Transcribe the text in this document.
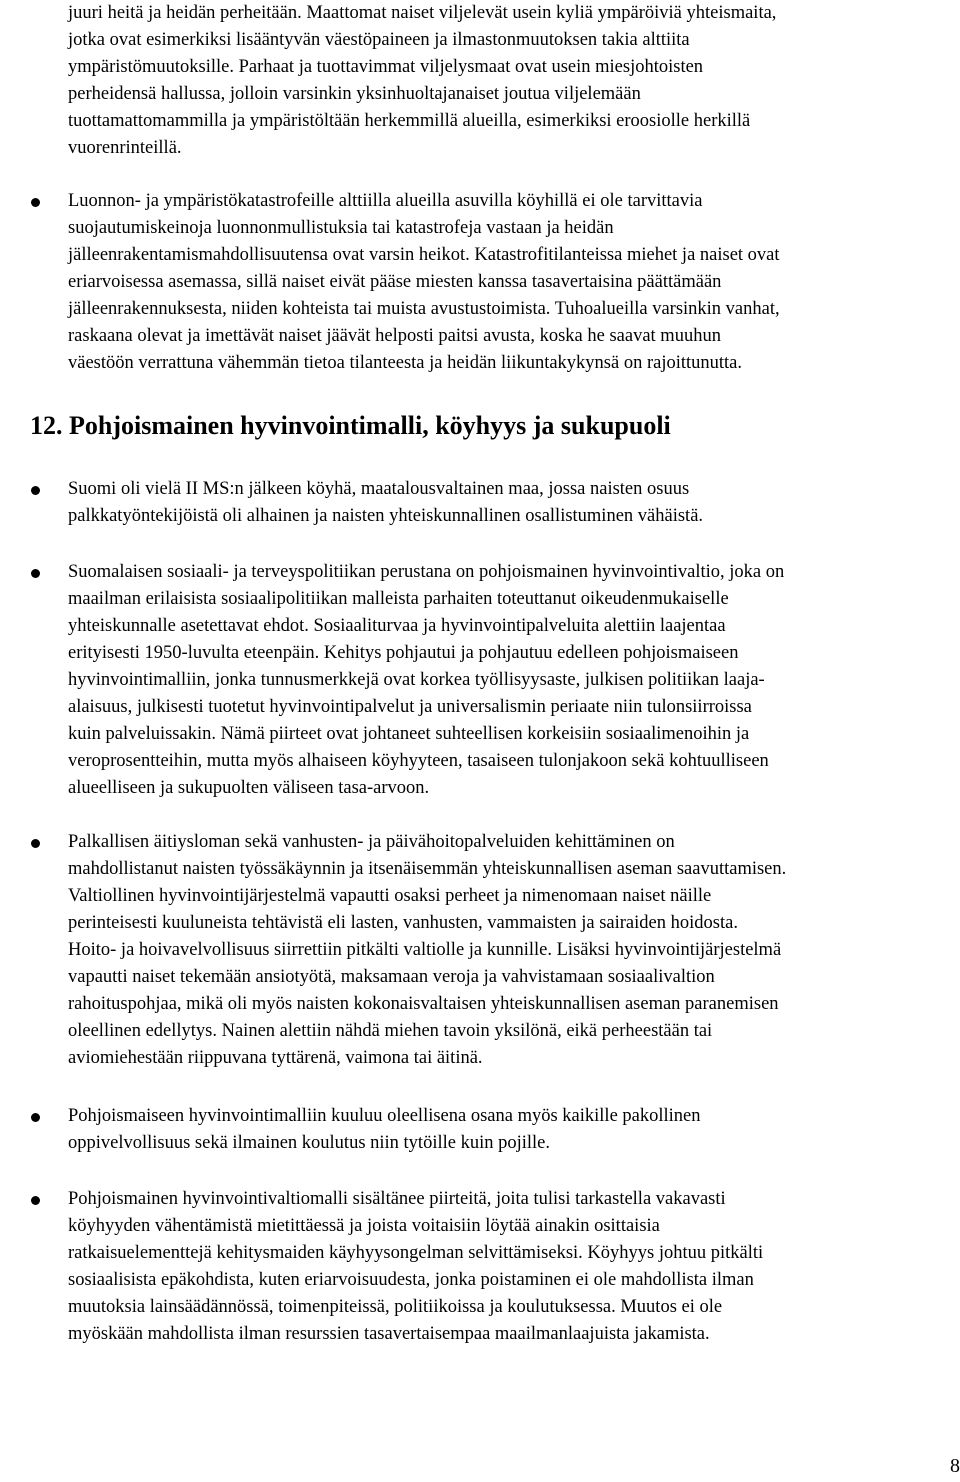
juuri heitä ja heidän perheitään. Maattomat naiset viljelevät usein kyliä ympäröiviä yhteismaita,
jotka ovat esimerkiksi lisääntyvän väestöpaineen ja ilmastonmuutoksen takia alttiita
ympäristömuutoksille. Parhaat ja tuottavimmat viljelysmaat ovat usein miesjohtoisten
perheidensä hallussa, jolloin varsinkin yksinhuoltajanaiset joutua viljelemään
tuottamattomammilla ja ympäristöltään herkemmillä alueilla, esimerkiksi eroosiolle herkillä
vuorenrinteillä.
Luonnon- ja ympäristökatastrofeille alttiilla alueilla asuvilla köyhillä ei ole tarvittavia
suojautumiskeinoja luonnonmullistuksia tai katastrofeja vastaan ja heidän
jälleenrakentamismahdollisuutensa ovat varsin heikot. Katastrofitilanteissa miehet ja naiset ovat
eriarvoisessa asemassa, sillä naiset eivät pääse miesten kanssa tasavertaisina päättämään
jälleenrakennuksesta, niiden kohteista tai muista avustustoimista. Tuhoalueilla varsinkin vanhat,
raskaana olevat ja imettävät naiset jäävät helposti paitsi avusta, koska he saavat muuhun
väestöön verrattuna vähemmän tietoa tilanteesta ja heidän liikuntakykynsä on rajoittunutta.
12. Pohjoismainen hyvinvointimalli, köyhyys ja sukupuoli
Suomi oli vielä II MS:n jälkeen köyhä, maatalousvaltainen maa, jossa naisten osuus
palkkatyöntekijöistä oli alhainen ja naisten yhteiskunnallinen osallistuminen vähäistä.
Suomalaisen sosiaali- ja terveyspolitiikan perustana on pohjoismainen hyvinvointivaltio, joka on
maailman erilaisista sosiaalipolitiikan malleista parhaiten toteuttanut oikeudenmukaiselle
yhteiskunnalle asetettavat ehdot. Sosiaaliturvaa ja hyvinvointipalveluita alettiin laajentaa
erityisesti 1950-luvulta eteenpäin. Kehitys pohjautui ja pohjautuu edelleen pohjoismaiseen
hyvinvointimalliin, jonka tunnusmerkkejä ovat korkea työllisyysaste, julkisen politiikan laaja-
alaisuus, julkisesti tuotetut hyvinvointipalvelut ja universalismin periaate niin tulonsiirroissa
kuin palveluissakin. Nämä piirteet ovat johtaneet suhteellisen korkeisiin sosiaalimenoihin ja
veroprosentteihin, mutta myös alhaiseen köyhyyteen, tasaiseen tulonjakoon sekä kohtuulliseen
alueelliseen ja sukupuolten väliseen tasa-arvoon.
Palkallisen äitiysloman sekä vanhusten- ja päivähoitopalveluiden kehittäminen on
mahdollistanut naisten työssäkäynnin ja itsenäisemmän yhteiskunnallisen aseman saavuttamisen.
Valtiollinen hyvinvointijärjestelmä vapautti osaksi perheet ja nimenomaan naiset näille
perinteisesti kuuluneista tehtävistä eli lasten, vanhusten, vammaisten ja sairaiden hoidosta.
Hoito- ja hoivavelvollisuus siirrettiin pitkälti valtiolle ja kunnille. Lisäksi hyvinvointijärjestelmä
vapautti naiset tekemään ansiotyötä, maksamaan veroja ja vahvistamaan sosiaalivaltion
rahoituspohjaa, mikä oli myös naisten kokonaisvaltaisen yhteiskunnallisen aseman paranemisen
oleellinen edellytys. Nainen alettiin nähdä miehen tavoin yksilönä, eikä perheestään tai
aviomiehestään riippuvana tyttärenä, vaimona tai äitinä.
Pohjoismaiseen hyvinvointimalliin kuuluu oleellisena osana myös kaikille pakollinen
oppivelvollisuus sekä ilmainen koulutus niin tytöille kuin pojille.
Pohjoismainen hyvinvointivaltiomalli sisältänee piirteitä, joita tulisi tarkastella vakavasti
köyhyyden vähentämistä mietittäessä ja joista voitaisiin löytää ainakin osittaisia
ratkaisuelementtejä kehitysmaiden käyhyysongelman selvittämiseksi. Köyhyys johtuu pitkälti
sosiaalisista epäkohdista, kuten eriarvoisuudesta, jonka poistaminen ei ole mahdollista ilman
muutoksia lainsäädännössä, toimenpiteissä, politiikoissa ja koulutuksessa. Muutos ei ole
myöskään mahdollista ilman resurssien tasavertaisempaa maailmanlaajuista jakamista.
8
